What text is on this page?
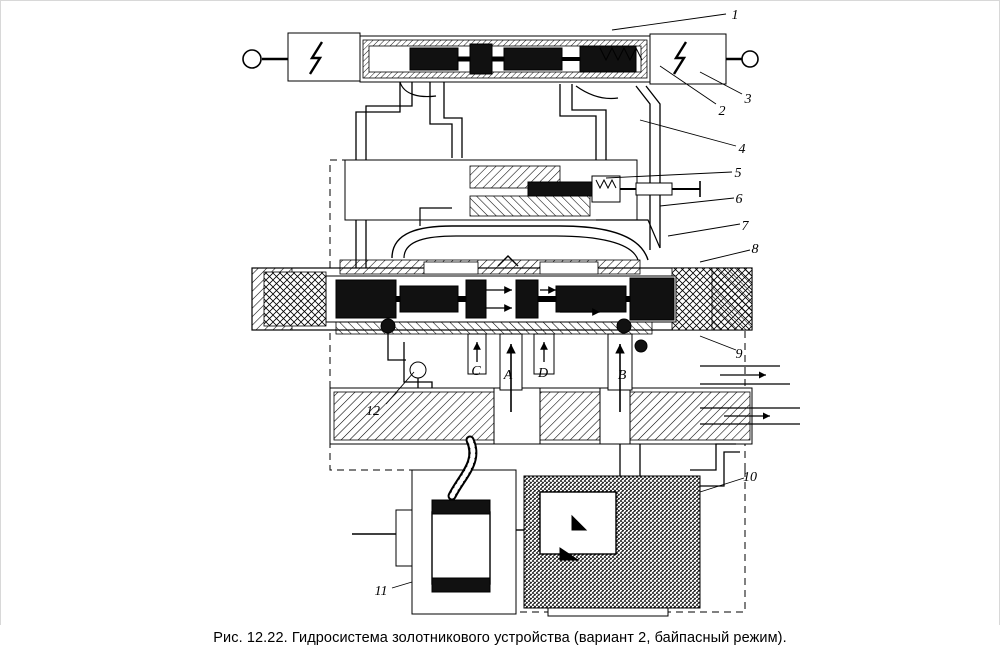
1
2
3
4
5
6
7
8
9
10
11
12
A	B
C	D
Рис. 12.22. Гидросистема золотникового устройства (вариант 2, байпасный режим).
